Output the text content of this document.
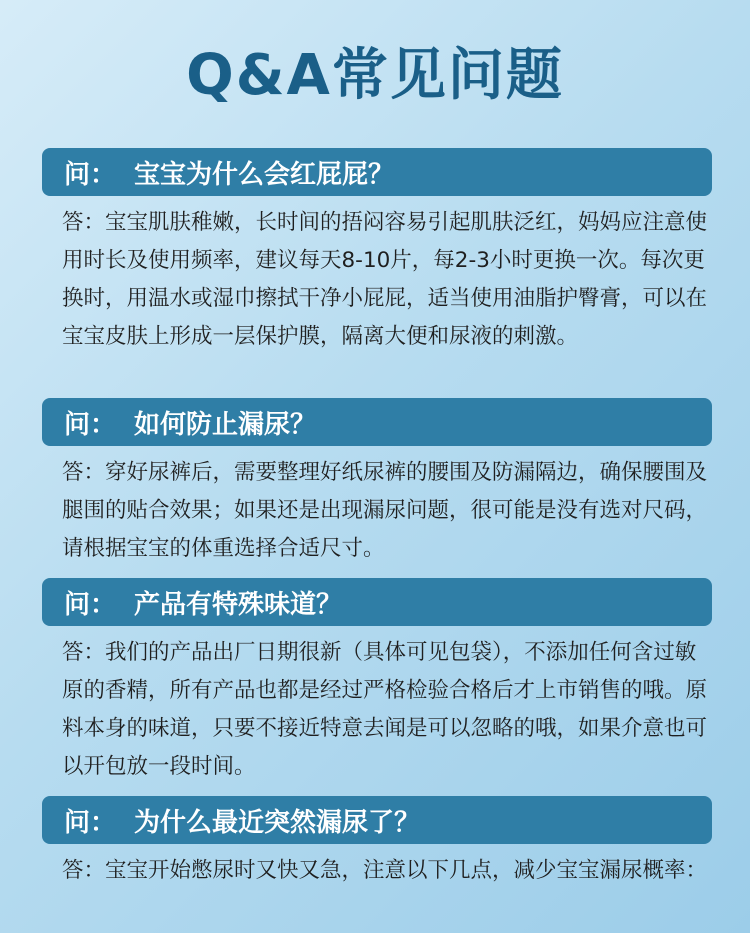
Q&A常见问题
问： 宝宝为什么会红屁屁？
答：宝宝肌肤稚嫩，长时间的捂闷容易引起肌肤泛红，妈妈应注意使用时长及使用频率，建议每天8-10片，每2-3小时更换一次。每次更换时，用温水或湿巾擦拭干净小屁屁，适当使用油脂护臀膏，可以在宝宝皮肤上形成一层保护膜，隔离大便和尿液的刺激。
问： 如何防止漏尿？
答：穿好尿裤后，需要整理好纸尿裤的腰围及防漏隔边，确保腰围及腿围的贴合效果；如果还是出现漏尿问题，很可能是没有选对尺码，请根据宝宝的体重选择合适尺寸。
问： 产品有特殊味道？
答：我们的产品出厂日期很新（具体可见包袋），不添加任何含过敏原的香精，所有产品也都是经过严格检验合格后才上市销售的哦。原料本身的味道，只要不接近特意去闻是可以忽略的哦，如果介意也可以开包放一段时间。
问： 为什么最近突然漏尿了？
答：宝宝开始憋尿时又快又急，注意以下几点，减少宝宝漏尿概率：
